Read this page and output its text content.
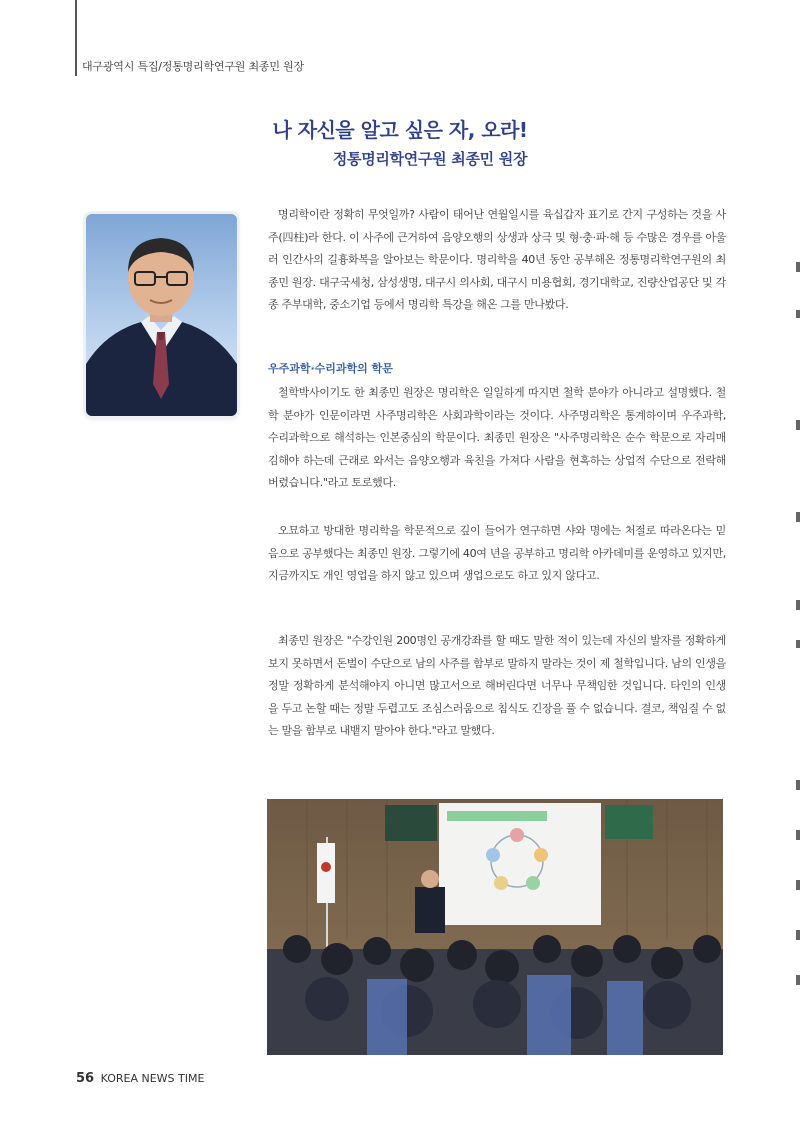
대구광역시 특집/정통명리학연구원 최종민 원장
나 자신을 알고 싶은 자, 오라!
정통명리학연구원 최종민 원장

명리학이란 정확히 무엇일까? 사람이 태어난 연월일시를 육십갑자 표기로 간지 구성하는 것을 사주(四柱)라 한다. 이 사주에 근거하여 음양오행의 상생과 상극 및 형·충·파·해 등 수많은 경우를 아울러 인간사의 길흉화복을 알아보는 학문이다. 명리학을 40년 동안 공부해온 정통명리학연구원의 최종민 원장. 대구국세청, 삼성생명, 대구시 의사회, 대구시 미용협회, 경기대학교, 진량산업공단 및 각종 주부대학, 중소기업 등에서 명리학 특강을 해온 그를 만나봤다.

우주과학·수리과학의 학문

철학박사이기도 한 최종민 원장은 명리학은 일일하게 따지면 철학 분야가 아니라고 설명했다. 철학 분야가 인문이라면 사주명리학은 사회과학이라는 것이다. 사주명리학은 통계하이며 우주과학, 수리과학으로 해석하는 인본중심의 학문이다. 최종민 원장은 "사주명리학은 순수 학문으로 자리매김해야 하는데 근래로 와서는 음양오행과 육친을 가져다 사람을 현혹하는 상업적 수단으로 전락해 버렸습니다."라고 토로했다.

오묘하고 방대한 명리학을 학문적으로 깊이 들어가 연구하면 샤와 명에는 처절로 따라온다는 믿음으로 공부했다는 최종민 원장. 그렇기에 40여 년을 공부하고 명리학 아카데미를 운영하고 있지만, 지금까지도 개인 영업을 하지 않고 있으며 생업으로도 하고 있지 않다고.

최종민 원장은 "수강인원 200명인 공개강좌를 할 때도 말한 적이 있는데 자신의 발자를 정확하게 보지 못하면서 돈벌이 수단으로 남의 사주를 함부로 말하지 말라는 것이 제 철학입니다. 남의 인생을 정말 정확하게 분석해야지 아니면 많고서으로 해버린다면 너무나 무책임한 것입니다. 타인의 인생을 두고 논할 때는 정말 두렵고도 조심스러움으로 침식도 긴장을 풀 수 없습니다. 결코, 책임질 수 없는 말을 함부로 내뱉지 말아야 한다."라고 말했다.

56 KOREA NEWS TIME
